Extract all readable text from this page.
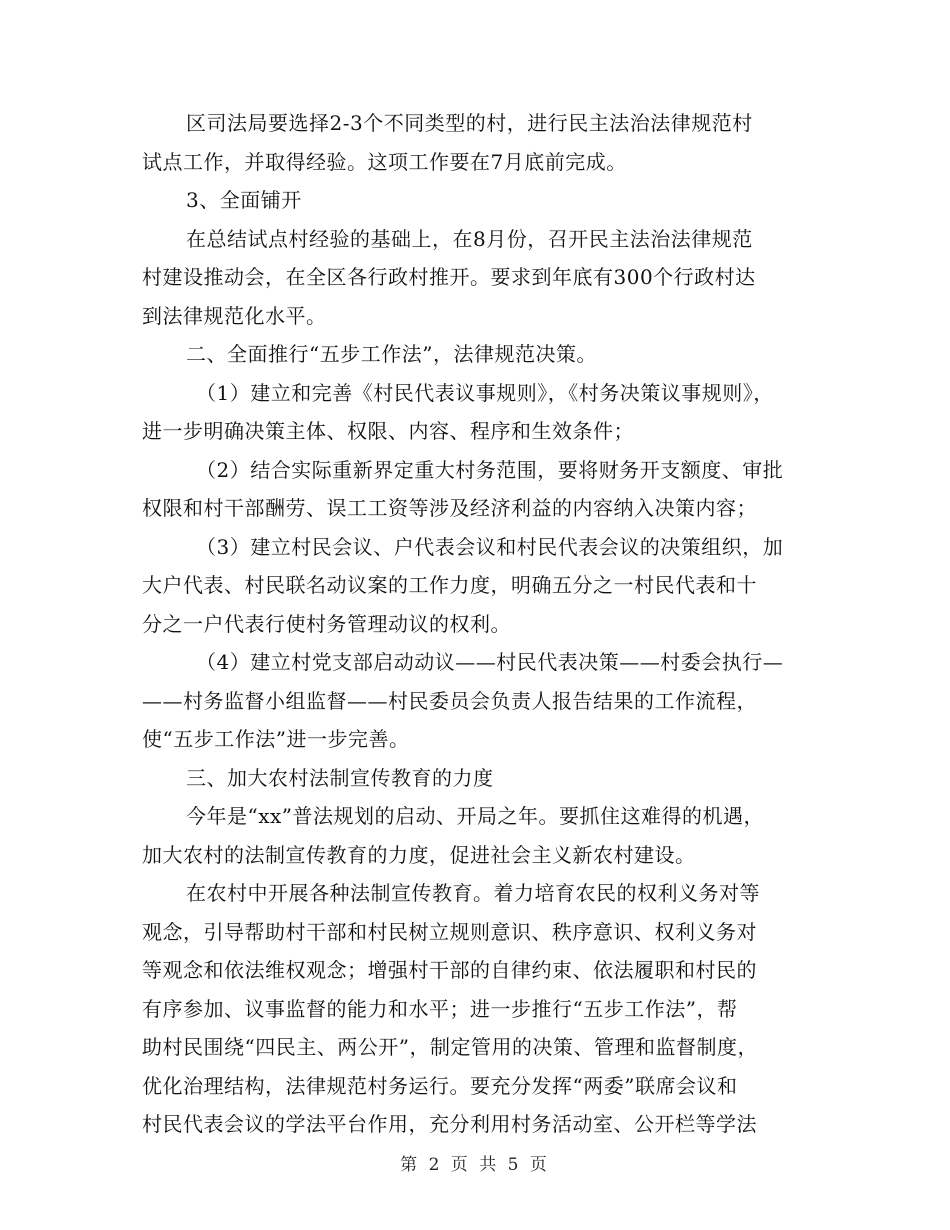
区司法局要选择2-3个不同类型的村，进行民主法治法律规范村
试点工作，并取得经验。这项工作要在7月底前完成。
3、全面铺开
在总结试点村经验的基础上，在8月份，召开民主法治法律规范
村建设推动会，在全区各行政村推开。要求到年底有300个行政村达
到法律规范化水平。
二、全面推行“五步工作法”，法律规范决策。
（1）建立和完善《村民代表议事规则》，《村务决策议事规则》，
进一步明确决策主体、权限、内容、程序和生效条件；
（2）结合实际重新界定重大村务范围，要将财务开支额度、审批
权限和村干部酬劳、误工工资等涉及经济利益的内容纳入决策内容；
（3）建立村民会议、户代表会议和村民代表会议的决策组织，加
大户代表、村民联名动议案的工作力度，明确五分之一村民代表和十
分之一户代表行使村务管理动议的权利。
（4）建立村党支部启动动议——村民代表决策——村委会执行—
——村务监督小组监督——村民委员会负责人报告结果的工作流程，
使“五步工作法”进一步完善。
三、加大农村法制宣传教育的力度
今年是“xx”普法规划的启动、开局之年。要抓住这难得的机遇，
加大农村的法制宣传教育的力度，促进社会主义新农村建设。
在农村中开展各种法制宣传教育。着力培育农民的权利义务对等
观念，引导帮助村干部和村民树立规则意识、秩序意识、权利义务对
等观念和依法维权观念；增强村干部的自律约束、依法履职和村民的
有序参加、议事监督的能力和水平；进一步推行“五步工作法”，帮
助村民围绕“四民主、两公开”，制定管用的决策、管理和监督制度，
优化治理结构，法律规范村务运行。要充分发挥“两委”联席会议和
村民代表会议的学法平台作用，充分利用村务活动室、公开栏等学法
第 2 页 共 5 页
